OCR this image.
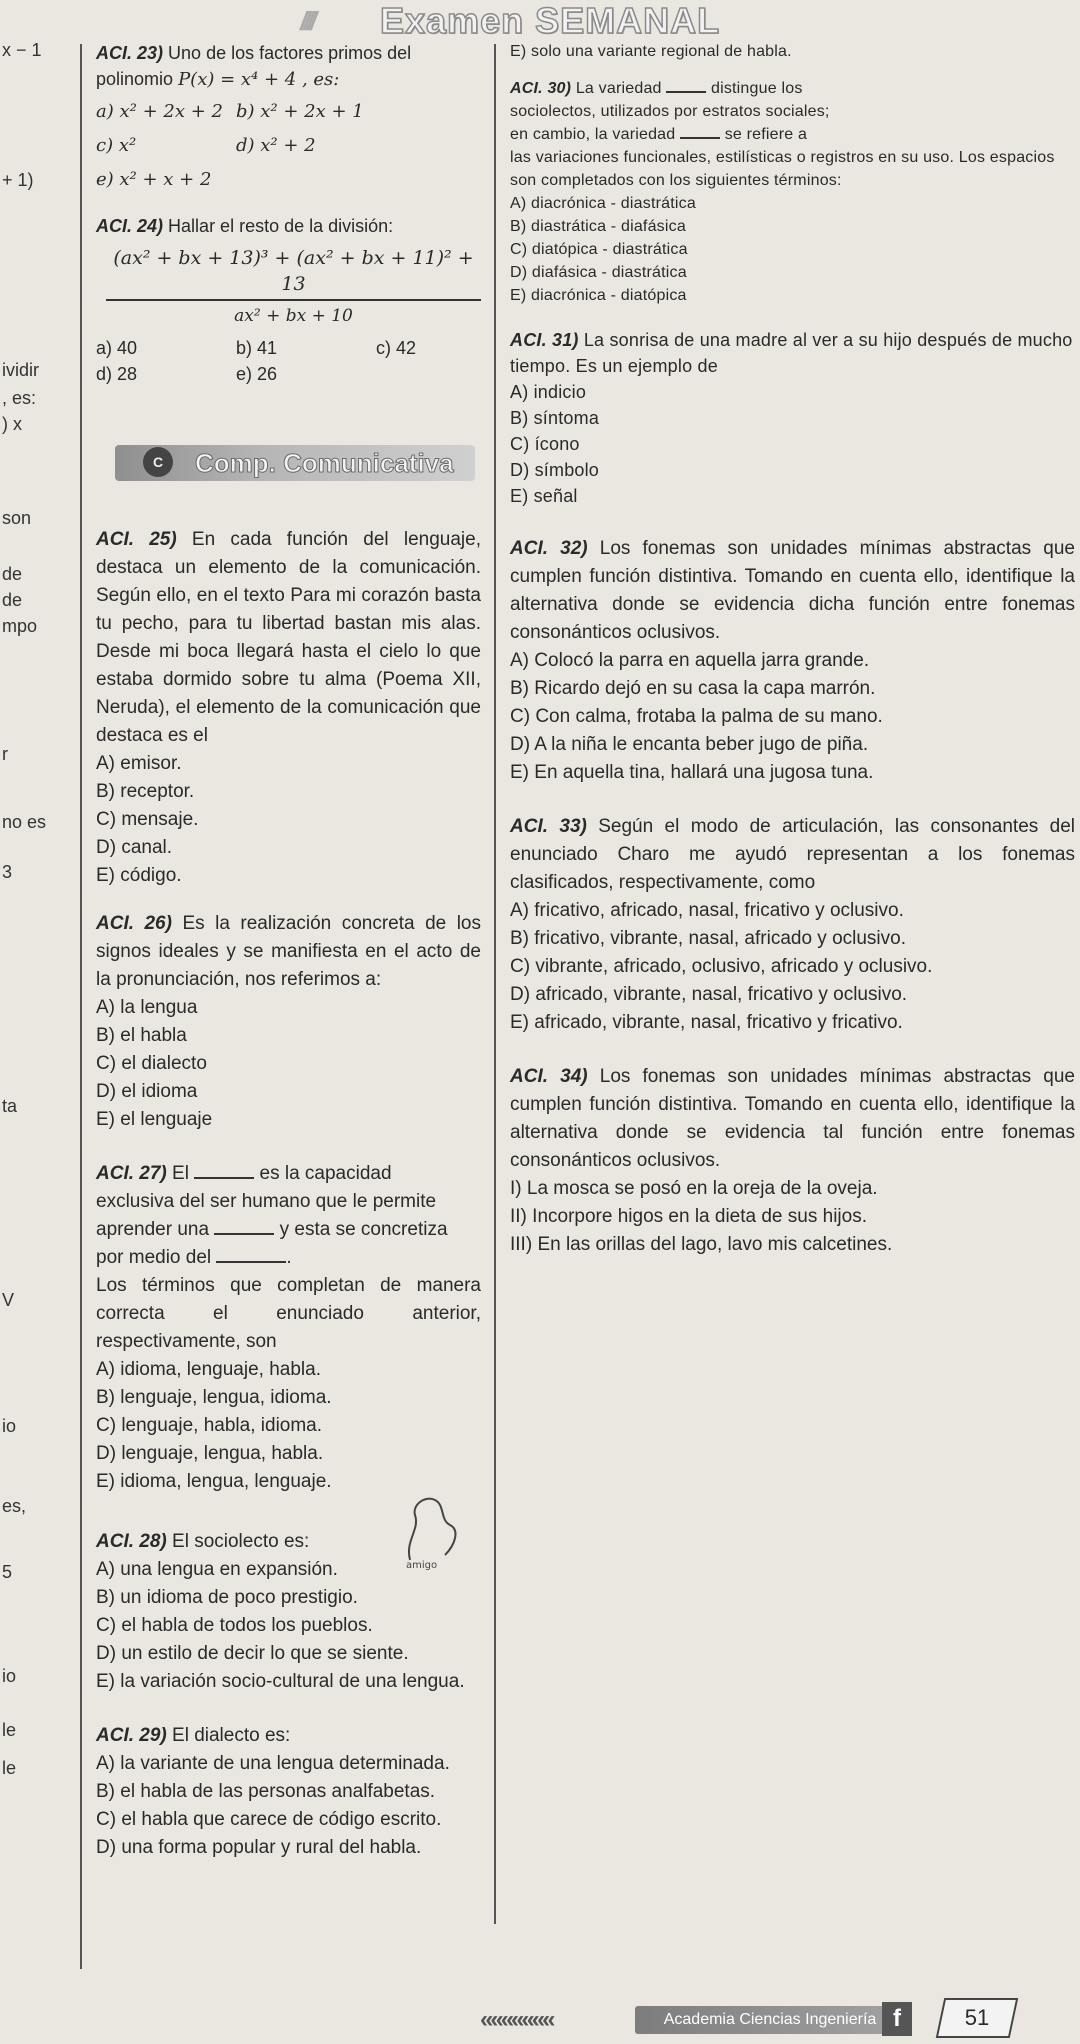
//// Examen SEMANAL
x − 1
+ 1)
ividir
, es:
) x
son
de
de
mpo
r
no es
3
ta
V
io
es,
5
io
le
le

ACI. 23) Uno de los factores primos del

polinomio P(x) = x⁴ + 4 , es:

a) x² + 2x + 2 b) x² + 2x + 1
c) x²	d) x² + 2
e) x² + x + 2

ACI. 24) Hallar el resto de la división:

$\frac{\text{(ax² + bx + 13)³ + (ax² + bx + 11)² + 13}}{\text{ax² + bx + 10}}$
a) 40	b) 41	c) 42
d) 28	e) 26
C	Comp. Comunicativa

ACI. 25) En cada función del lenguaje, destaca un elemento de la comunicación. Según ello, en el texto Para mi corazón basta tu pecho, para tu libertad bastan mis alas. Desde mi boca llegará hasta el cielo lo que estaba dormido sobre tu alma (Poema XII, Neruda), el elemento de la comunicación que destaca es el

A) emisor.
B) receptor.
C) mensaje.
D) canal.
E) código.

ACI. 26) Es la realización concreta de los signos ideales y se manifiesta en el acto de la pronunciación, nos referimos a:

A) la lengua
B) el habla
C) el dialecto
D) el idioma
E) el lenguaje

ACI. 27) El	es la capacidad

exclusiva del ser humano que le permite

aprender una	y esta se concretiza

por medio del	.

Los términos que completan de manera correcta el enunciado anterior, respectivamente, son

A) idioma, lenguaje, habla.
B) lenguaje, lengua, idioma.
C) lenguaje, habla, idioma.
D) lenguaje, lengua, habla.
E) idioma, lengua, lenguaje.

ACI. 28) El sociolecto es:

A) una lengua en expansión.
B) un idioma de poco prestigio.
C) el habla de todos los pueblos.
D) un estilo de decir lo que se siente.
E) la variación socio-cultural de una lengua.

ACI. 29) El dialecto es:

A) la variante de una lengua determinada.
B) el habla de las personas analfabetas.
C) el habla que carece de código escrito.
D) una forma popular y rural del habla.
amigo
E) solo una variante regional de habla.

ACI. 30) La variedad	distingue los

sociolectos, utilizados por estratos sociales;

en cambio, la variedad	se refiere a

las variaciones funcionales, estilísticas o registros en su uso. Los espacios son completados con los siguientes términos:

A) diacrónica - diastrática
B) diastrática - diafásica
C) diatópica - diastrática
D) diafásica - diastrática
E) diacrónica - diatópica

ACI. 31) La sonrisa de una madre al ver a su hijo después de mucho tiempo. Es un ejemplo de

A) indicio
B) síntoma
C) ícono
D) símbolo
E) señal

ACI. 32) Los fonemas son unidades mínimas abstractas que cumplen función distintiva. Tomando en cuenta ello, identifique la alternativa donde se evidencia dicha función entre fonemas consonánticos oclusivos.

A) Colocó la parra en aquella jarra grande.
B) Ricardo dejó en su casa la capa marrón.
C) Con calma, frotaba la palma de su mano.
D) A la niña le encanta beber jugo de piña.
E) En aquella tina, hallará una jugosa tuna.

ACI. 33) Según el modo de articulación, las consonantes del enunciado Charo me ayudó representan a los fonemas clasificados, respectivamente, como

A) fricativo, africado, nasal, fricativo y oclusivo.
B) fricativo, vibrante, nasal, africado y oclusivo.
C) vibrante, africado, oclusivo, africado y oclusivo.
D) africado, vibrante, nasal, fricativo y oclusivo.
E) africado, vibrante, nasal, fricativo y fricativo.

ACI. 34) Los fonemas son unidades mínimas abstractas que cumplen función distintiva. Tomando en cuenta ello, identifique la alternativa donde se evidencia tal función entre fonemas consonánticos oclusivos.

I) La mosca se posó en la oreja de la oveja.
II) Incorpore higos en la dieta de sus hijos.
III) En las orillas del lago, lavo mis calcetines.
«««««««	Academia Ciencias Ingeniería f	51
